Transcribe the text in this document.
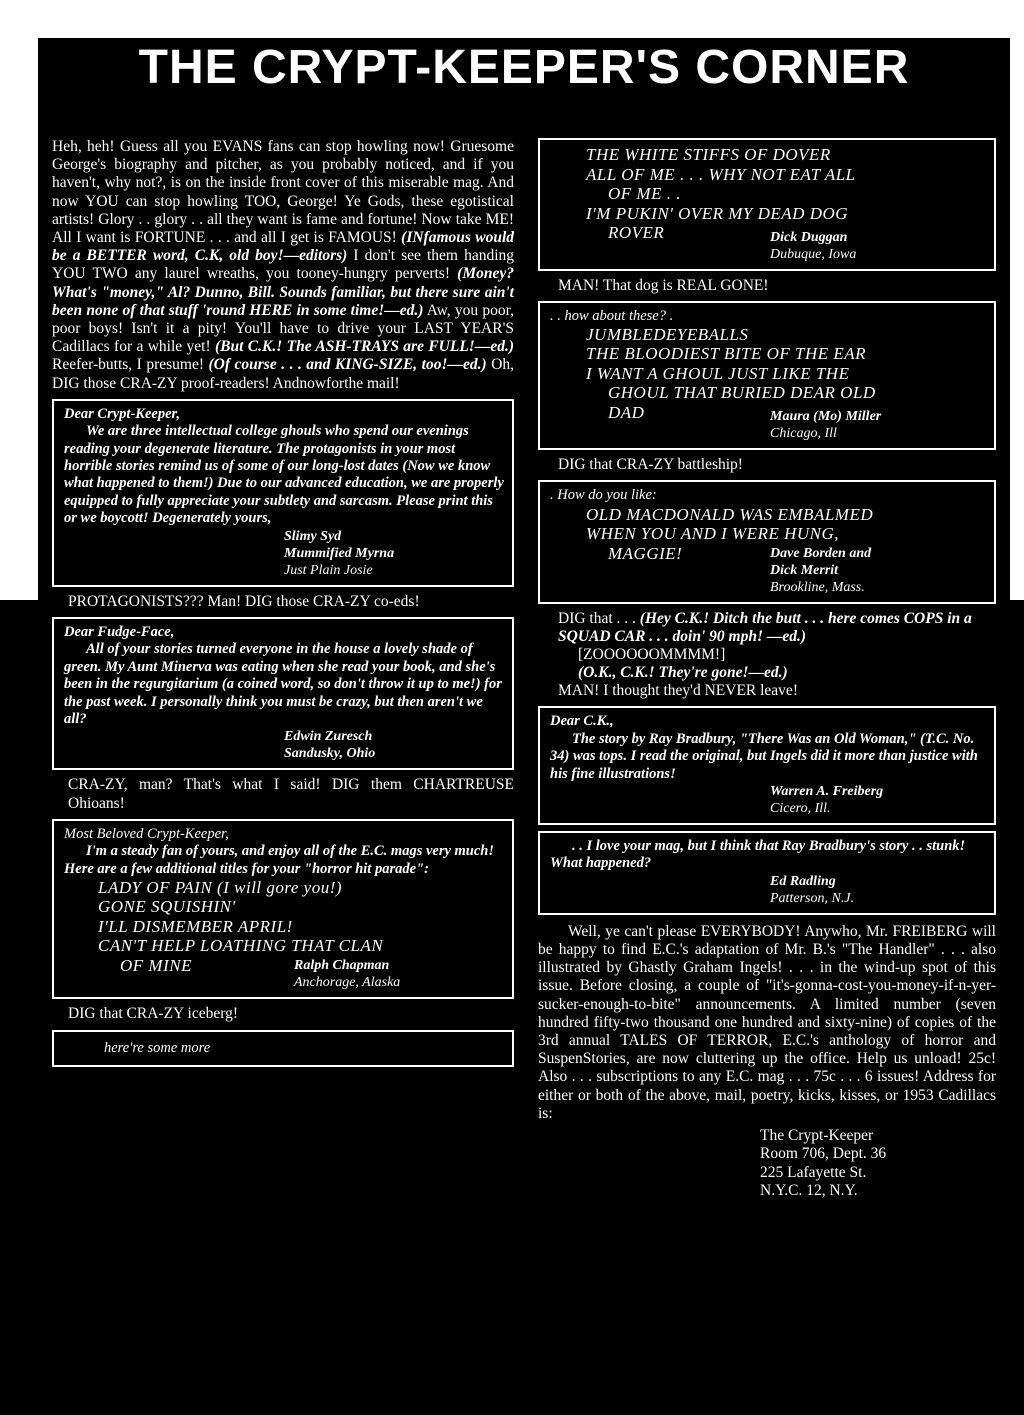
THE CRYPT-KEEPER'S CORNER

Heh, heh! Guess all you EVANS fans can stop howling now! Gruesome George's biography and pitcher, as you probably noticed, and if you haven't, why not?, is on the inside front cover of this miserable mag. And now YOU can stop howling TOO, George! Ye Gods, these egotistical artists! Glory . . glory . . all they want is fame and fortune! Now take ME! All I want is FORTUNE . . . and all I get is FAMOUS! (INfamous would be a BETTER word, C.K, old boy!—editors) I don't see them handing YOU TWO any laurel wreaths, you tooney-hungry perverts! (Money? What's "money," Al? Dunno, Bill. Sounds familiar, but there sure ain't been none of that stuff 'round HERE in some time!—ed.) Aw, you poor, poor boys! Isn't it a pity! You'll have to drive your LAST YEAR'S Cadillacs for a while yet! (But C.K.! The ASH-TRAYS are FULL!—ed.) Reefer-butts, I presume! (Of course . . . and KING-SIZE, too!—ed.) Oh, DIG those CRA-ZY proof-readers! Andnowforthe mail!

Dear Crypt-Keeper,
We are three intellectual college ghouls who spend our evenings reading your degenerate literature. The protagonists in your most horrible stories remind us of some of our long-lost dates (Now we know what happened to them!) Due to our advanced education, we are properly equipped to fully appreciate your subtlety and sarcasm. Please print this or we boycott! Degenerately yours,
Slimy Syd
Mummified Myrna
Just Plain Josie

PROTAGONISTS??? Man! DIG those CRA-ZY co-eds!

Dear Fudge-Face,
All of your stories turned everyone in the house a lovely shade of green. My Aunt Minerva was eating when she read your book, and she's been in the regurgitarium (a coined word, so don't throw it up to me!) for the past week. I personally think you must be crazy, but then aren't we all?
Edwin Zuresch
Sandusky, Ohio

CRA-ZY, man? That's what I said! DIG them CHARTREUSE Ohioans!

Most Beloved Crypt-Keeper,
I'm a steady fan of yours, and enjoy all of the E.C. mags very much! Here are a few additional titles for your "horror hit parade":
LADY OF PAIN (I will gore you!)
GONE SQUISHIN'
I'LL DISMEMBER APRIL!
CAN'T HELP LOATHING THAT CLAN
OF MINE	Ralph Chapman
Anchorage, Alaska

DIG that CRA-ZY iceberg!

here're some more
THE WHITE STIFFS OF DOVER
ALL OF ME . . . WHY NOT EAT ALL
OF ME . .
I'M PUKIN' OVER MY DEAD DOG
ROVER	Dick Duggan
Dubuque, Iowa

MAN! That dog is REAL GONE!

. . how about these? .
JUMBLEDEYEBALLS
THE BLOODIEST BITE OF THE EAR
I WANT A GHOUL JUST LIKE THE
GHOUL THAT BURIED DEAR OLD
DAD	Maura (Mo) Miller
Chicago, Ill

DIG that CRA-ZY battleship!

. How do you like:
OLD MACDONALD WAS EMBALMED
WHEN YOU AND I WERE HUNG,
MAGGIE!	Dave Borden and
Dick Merrit
Brookline, Mass.
DIG that . . . (Hey C.K.! Ditch the butt . . . here comes COPS in a SQUAD CAR . . . doin' 90 mph! —ed.)
[ZOOOOOOMMMM!]
(O.K., C.K.! They're gone!—ed.)
MAN! I thought they'd NEVER leave!
Dear C.K.,
The story by Ray Bradbury, "There Was an Old Woman," (T.C. No. 34) was tops. I read the original, but Ingels did it more than justice with his fine illustrations!
Warren A. Freiberg
Cicero, Ill.
. . I love your mag, but I think that Ray Bradbury's story . . stunk! What happened?
Ed Radling
Patterson, N.J.

Well, ye can't please EVERYBODY! Anywho, Mr. FREIBERG will be happy to find E.C.'s adaptation of Mr. B.'s "The Handler" . . . also illustrated by Ghastly Graham Ingels! . . . in the wind-up spot of this issue. Before closing, a couple of "it's-gonna-cost-you-money-if-n-yer-sucker-enough-to-bite" announcements. A limited number (seven hundred fifty-two thousand one hundred and sixty-nine) of copies of the 3rd annual TALES OF TERROR, E.C.'s anthology of horror and SuspenStories, are now cluttering up the office. Help us unload! 25c! Also . . . subscriptions to any E.C. mag . . . 75c . . . 6 issues! Address for either or both of the above, mail, poetry, kicks, kisses, or 1953 Cadillacs is:

The Crypt-Keeper
Room 706, Dept. 36
225 Lafayette St.
N.Y.C. 12, N.Y.
